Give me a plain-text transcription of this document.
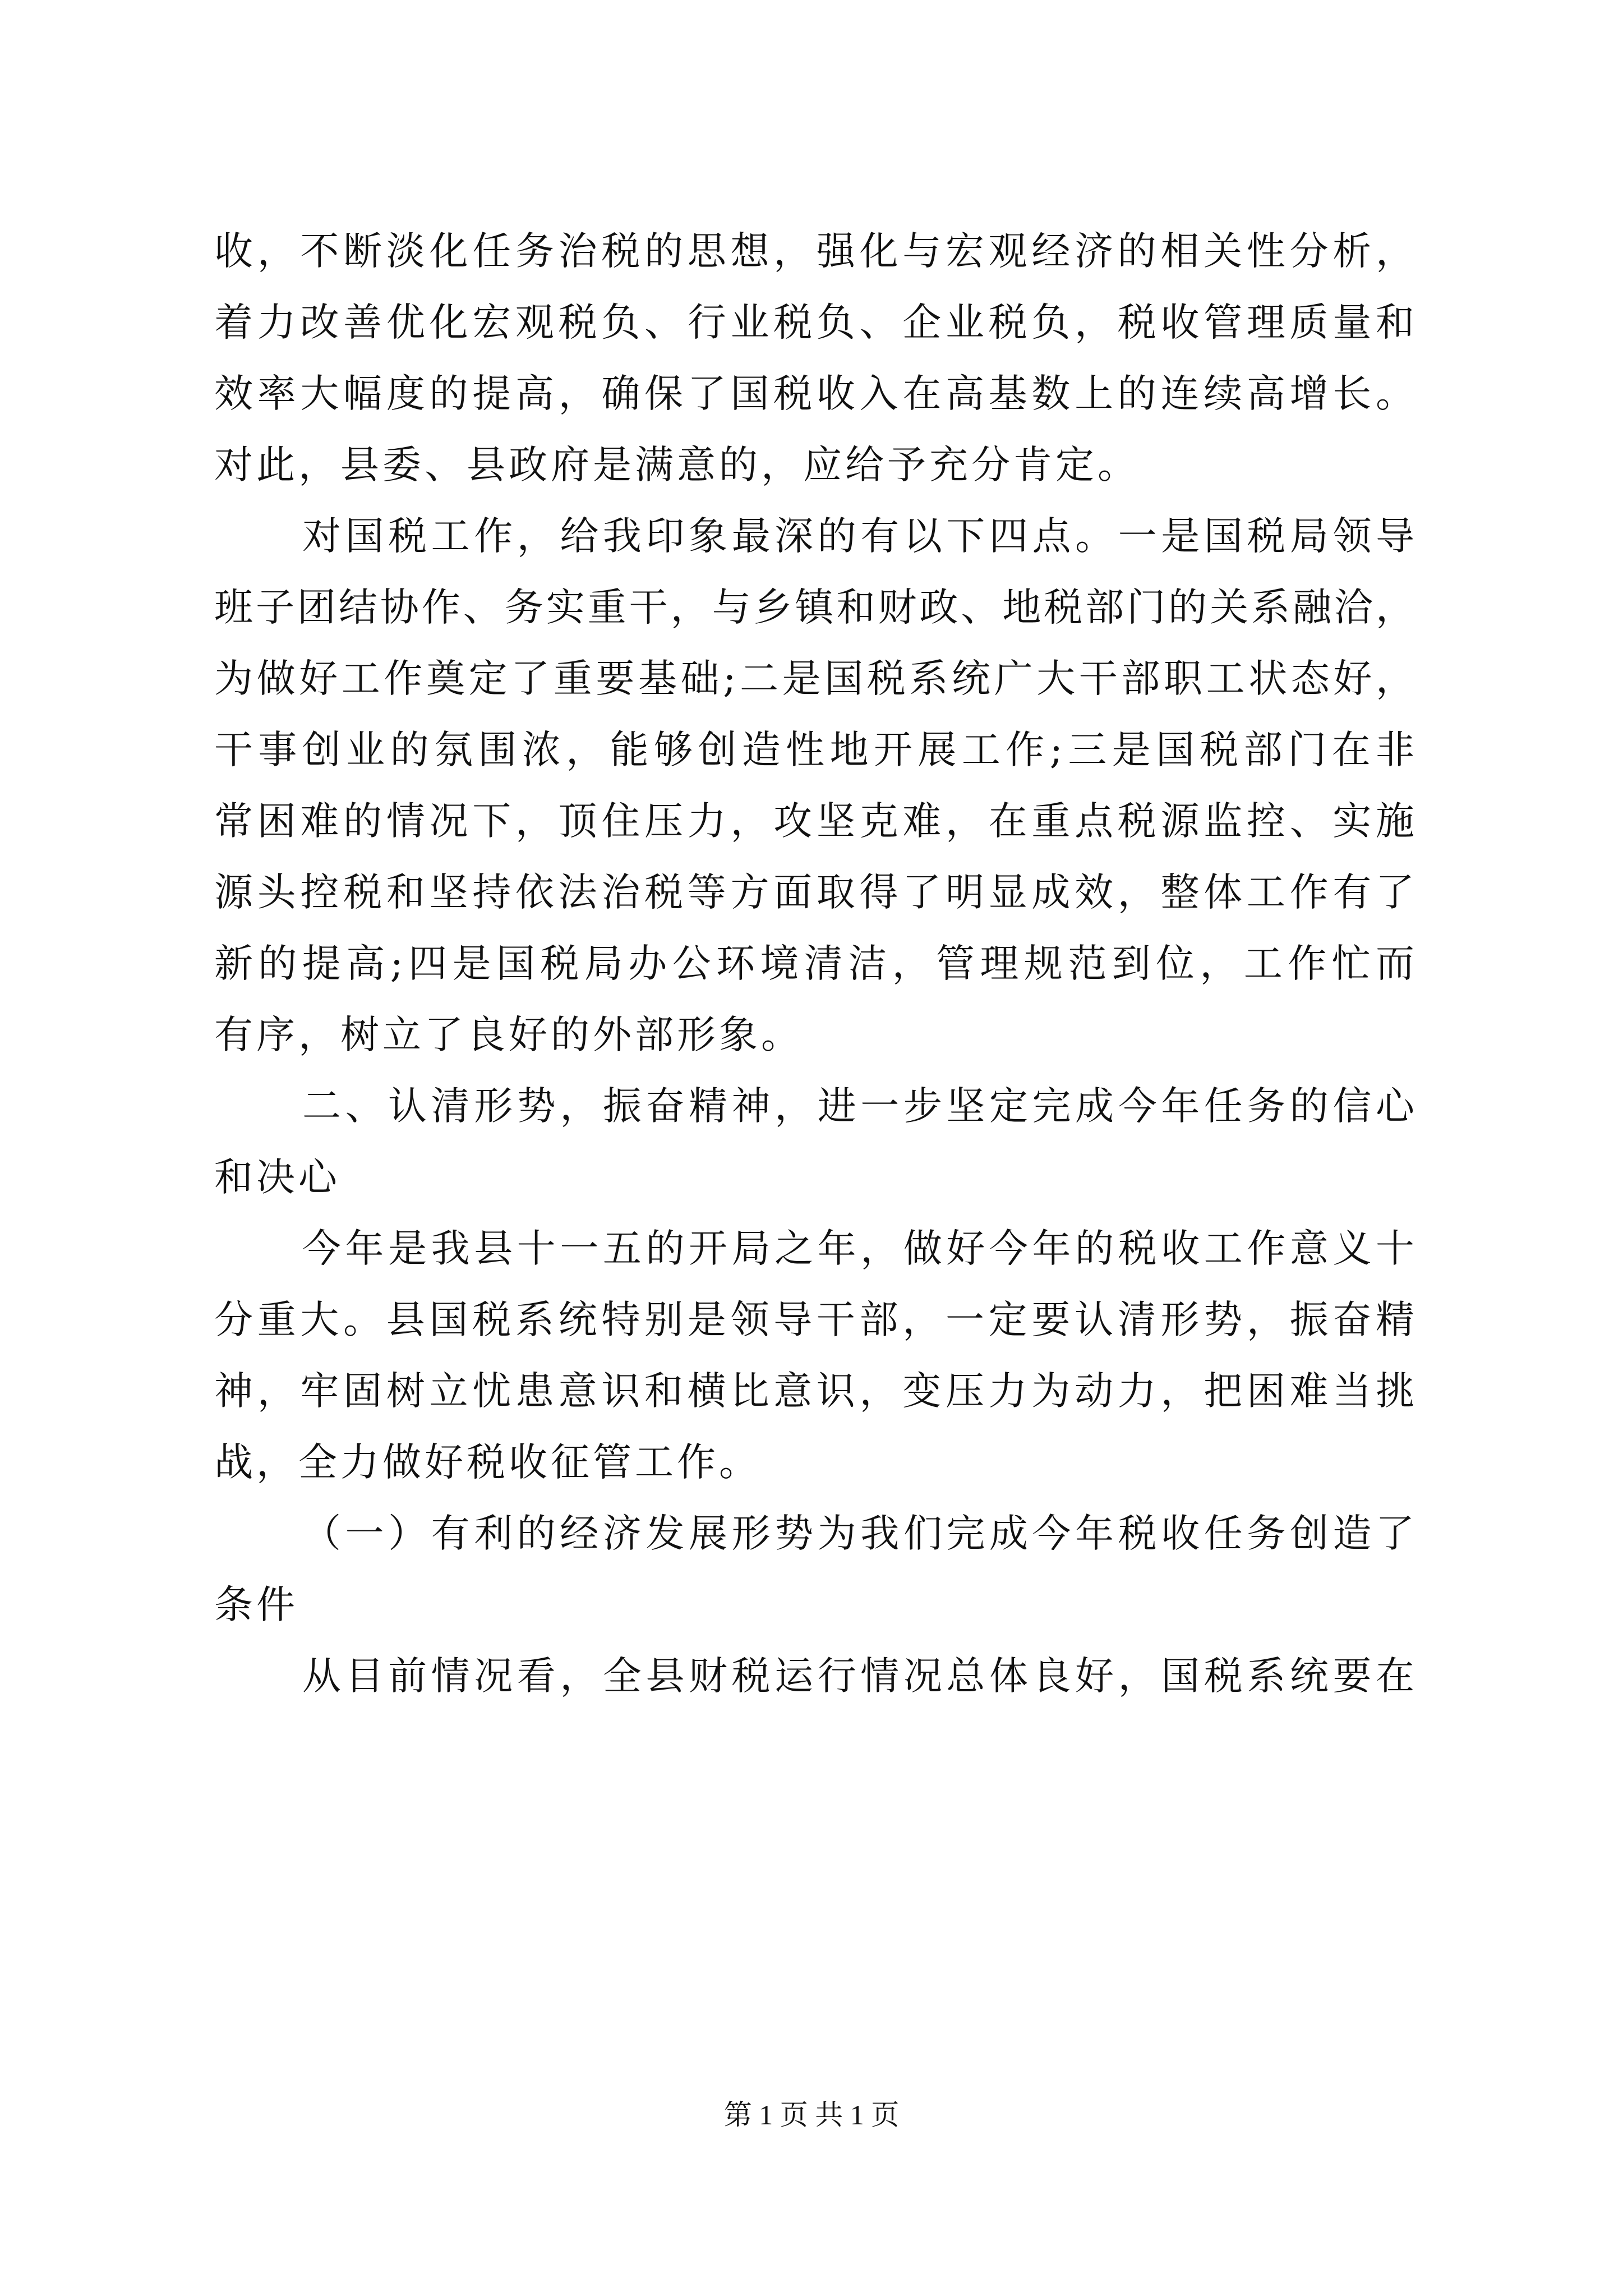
收，不断淡化任务治税的思想，强化与宏观经济的相关性分析，
着力改善优化宏观税负、行业税负、企业税负，税收管理质量和
效率大幅度的提高，确保了国税收入在高基数上的连续高增长。
对此，县委、县政府是满意的，应给予充分肯定。
对国税工作，给我印象最深的有以下四点。一是国税局领导
班子团结协作、务实重干，与乡镇和财政、地税部门的关系融洽，
为做好工作奠定了重要基础;二是国税系统广大干部职工状态好，
干事创业的氛围浓，能够创造性地开展工作;三是国税部门在非
常困难的情况下，顶住压力，攻坚克难，在重点税源监控、实施
源头控税和坚持依法治税等方面取得了明显成效，整体工作有了
新的提高;四是国税局办公环境清洁，管理规范到位，工作忙而
有序，树立了良好的外部形象。
二、认清形势，振奋精神，进一步坚定完成今年任务的信心
和决心
今年是我县十一五的开局之年，做好今年的税收工作意义十
分重大。县国税系统特别是领导干部，一定要认清形势，振奋精
神，牢固树立忧患意识和横比意识，变压力为动力，把困难当挑
战，全力做好税收征管工作。
（一）有利的经济发展形势为我们完成今年税收任务创造了
条件
从目前情况看，全县财税运行情况总体良好，国税系统要在
第 1 页 共 1 页
